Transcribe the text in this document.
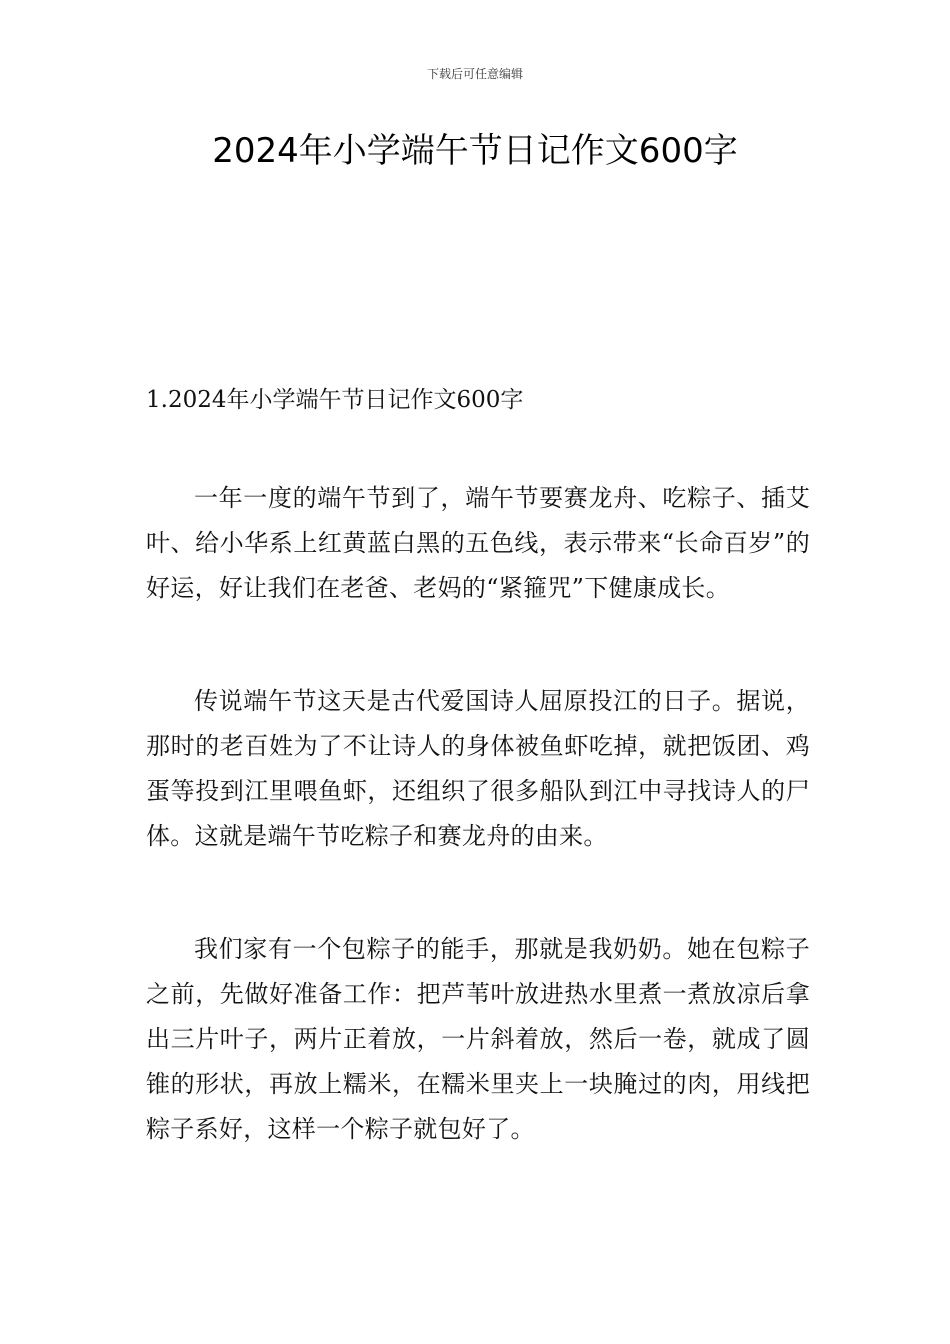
下载后可任意编辑
2024年小学端午节日记作文600字
1.2024年小学端午节日记作文600字

一年一度的端午节到了，端午节要赛龙舟、吃粽子、插艾叶、给小华系上红黄蓝白黑的五色线，表示带来“长命百岁”的好运，好让我们在老爸、老妈的“紧箍咒”下健康成长。

传说端午节这天是古代爱国诗人屈原投江的日子。据说，那时的老百姓为了不让诗人的身体被鱼虾吃掉，就把饭团、鸡蛋等投到江里喂鱼虾，还组织了很多船队到江中寻找诗人的尸体。这就是端午节吃粽子和赛龙舟的由来。

我们家有一个包粽子的能手，那就是我奶奶。她在包粽子之前，先做好准备工作：把芦苇叶放进热水里煮一煮放凉后拿出三片叶子，两片正着放，一片斜着放，然后一卷，就成了圆锥的形状，再放上糯米，在糯米里夹上一块腌过的肉，用线把粽子系好，这样一个粽子就包好了。
